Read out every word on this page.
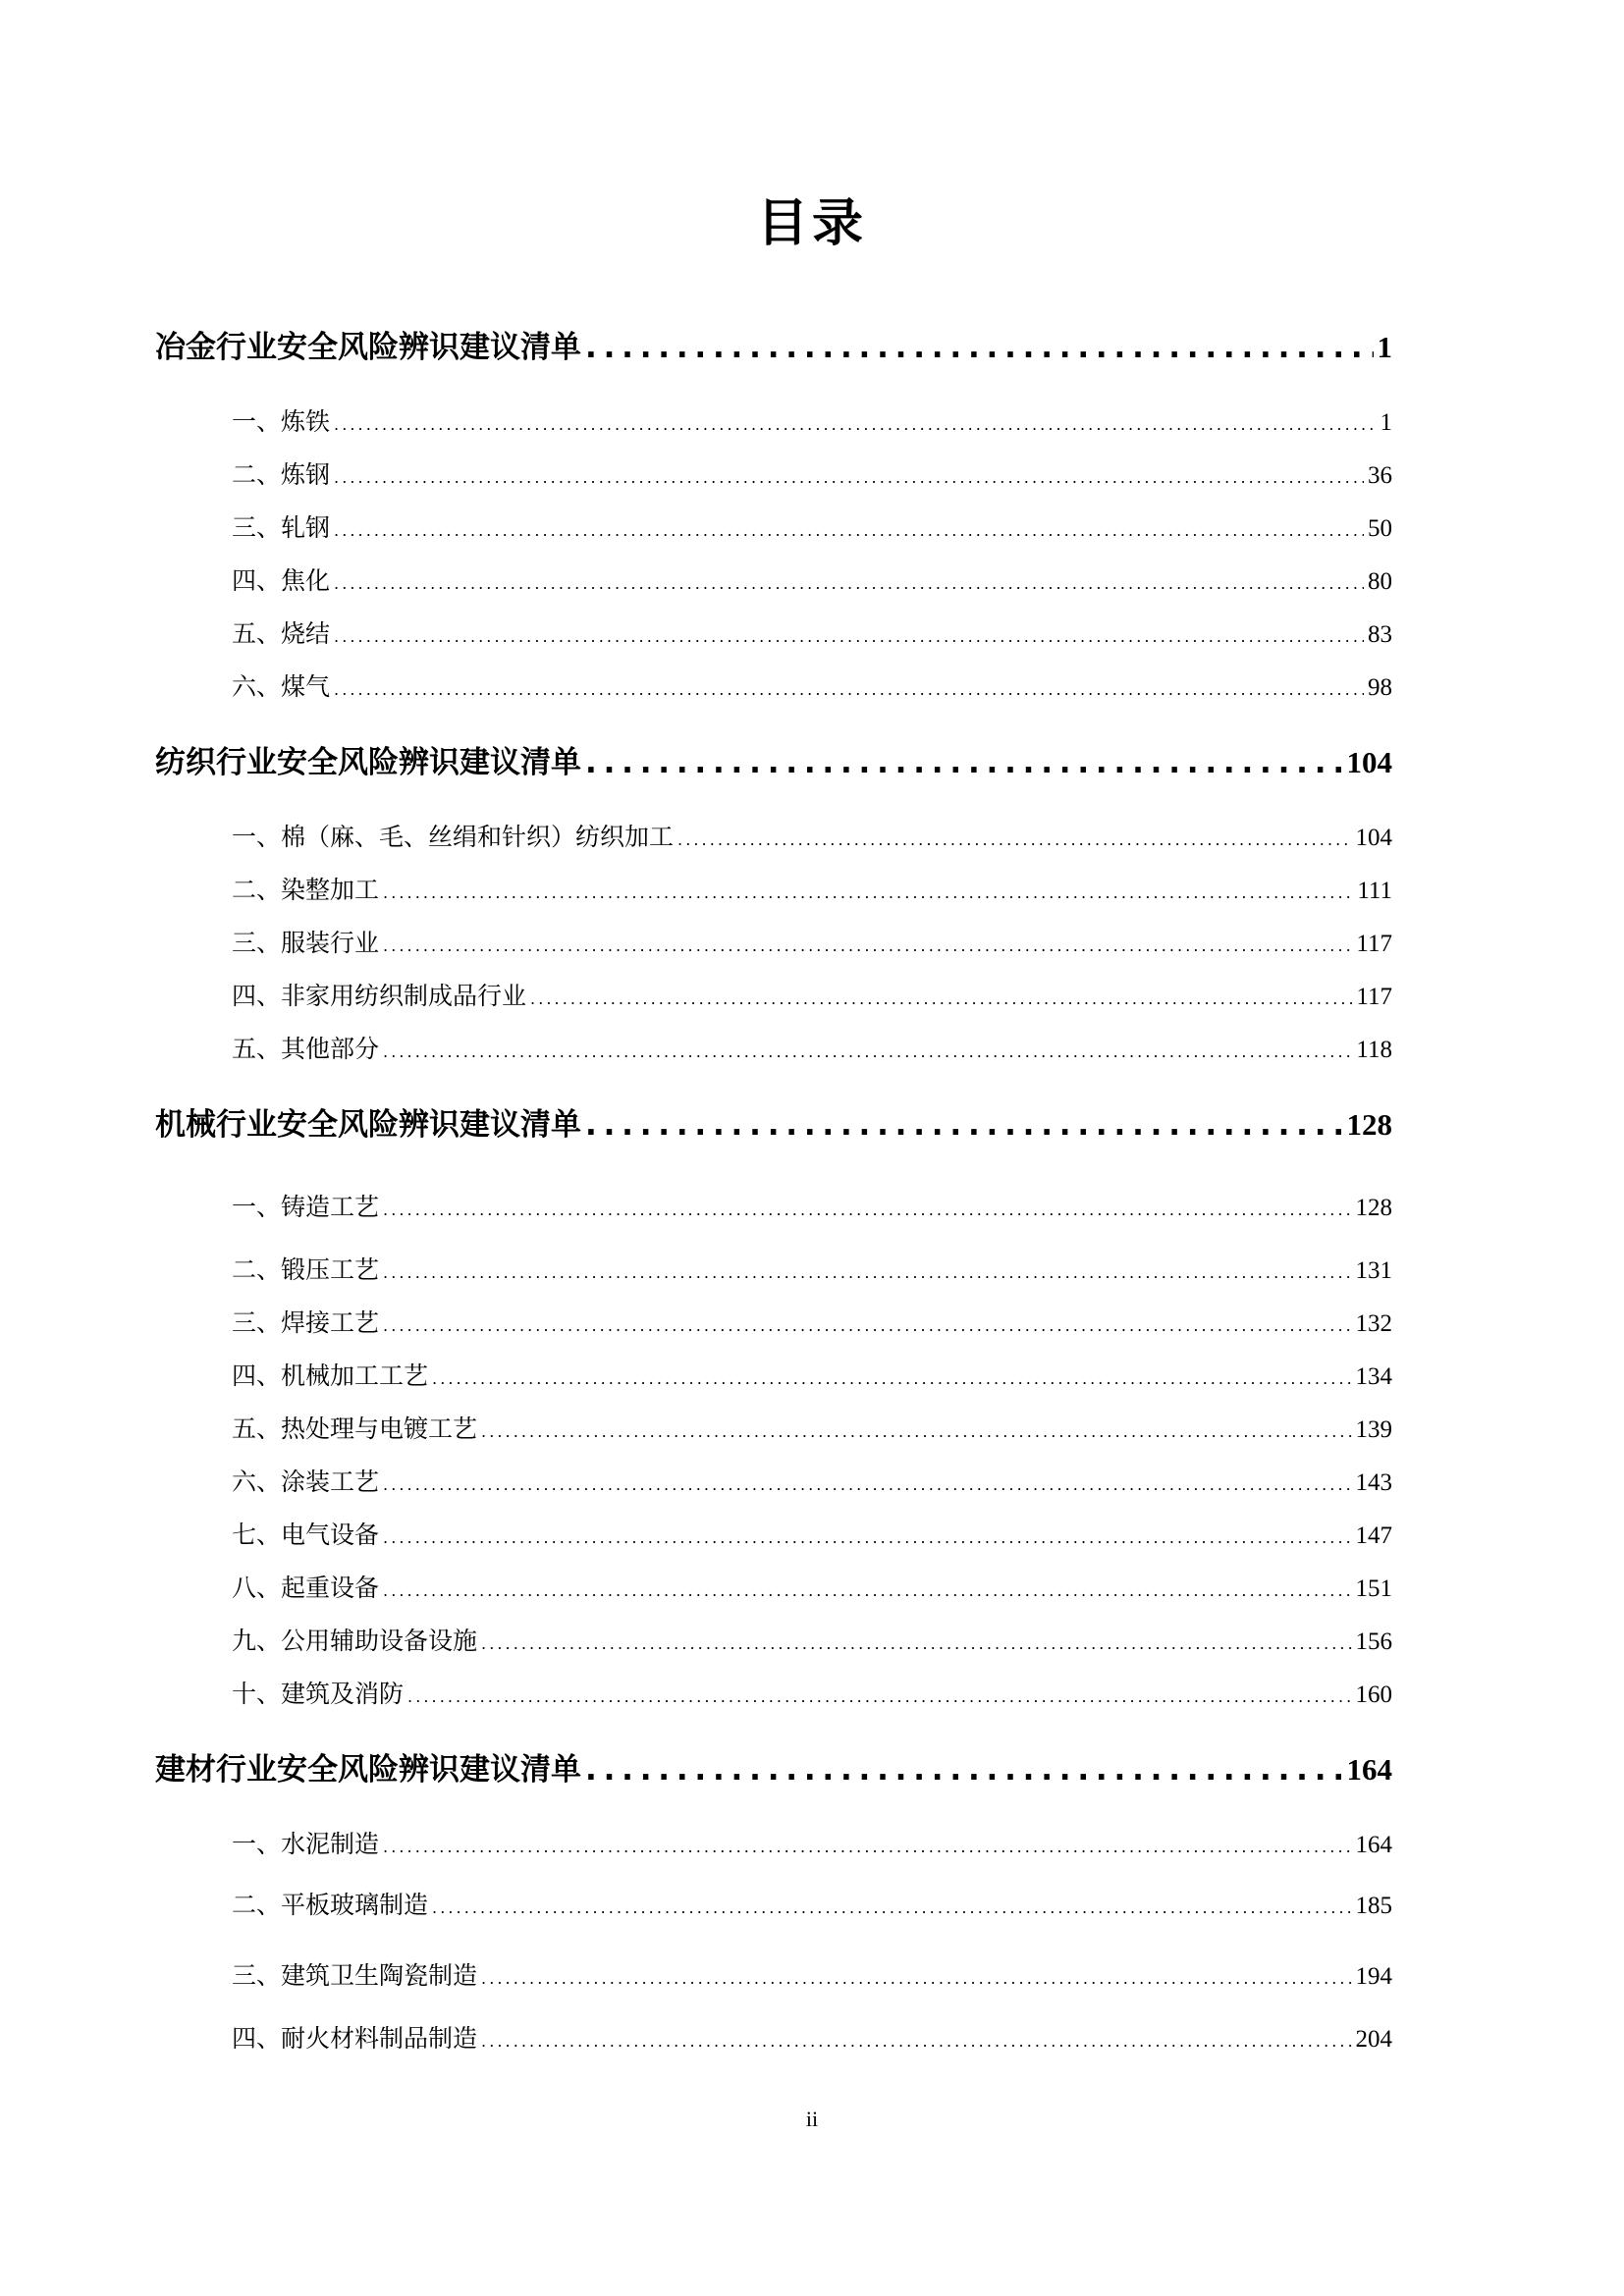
目录
冶金行业安全风险辨识建议清单 . . .	1
一、炼铁 . . .	1
二、炼钢 . . .	36
三、轧钢 . . .	50
四、焦化 . . .	80
五、烧结 . . .	83
六、煤气 . . .	98
纺织行业安全风险辨识建议清单 . . .	104
一、棉（麻、毛、丝绢和针织）纺织加工 . . .	104
二、染整加工 . . .	111
三、服装行业 . . .	117
四、非家用纺织制成品行业 . . .	117
五、其他部分 . . .	118
机械行业安全风险辨识建议清单 . . .	128
一、铸造工艺 . . .	128
二、锻压工艺 . . .	131
三、焊接工艺 . . .	132
四、机械加工工艺 . . .	134
五、热处理与电镀工艺 . . .	139
六、涂装工艺 . . .	143
七、电气设备 . . .	147
八、起重设备 . . .	151
九、公用辅助设备设施 . . .	156
十、建筑及消防 . . .	160
建材行业安全风险辨识建议清单 . . .	164
一、水泥制造 . . .	164
二、平板玻璃制造 . . .	185
三、建筑卫生陶瓷制造 . . .	194
四、耐火材料制品制造 . . .	204

ii
